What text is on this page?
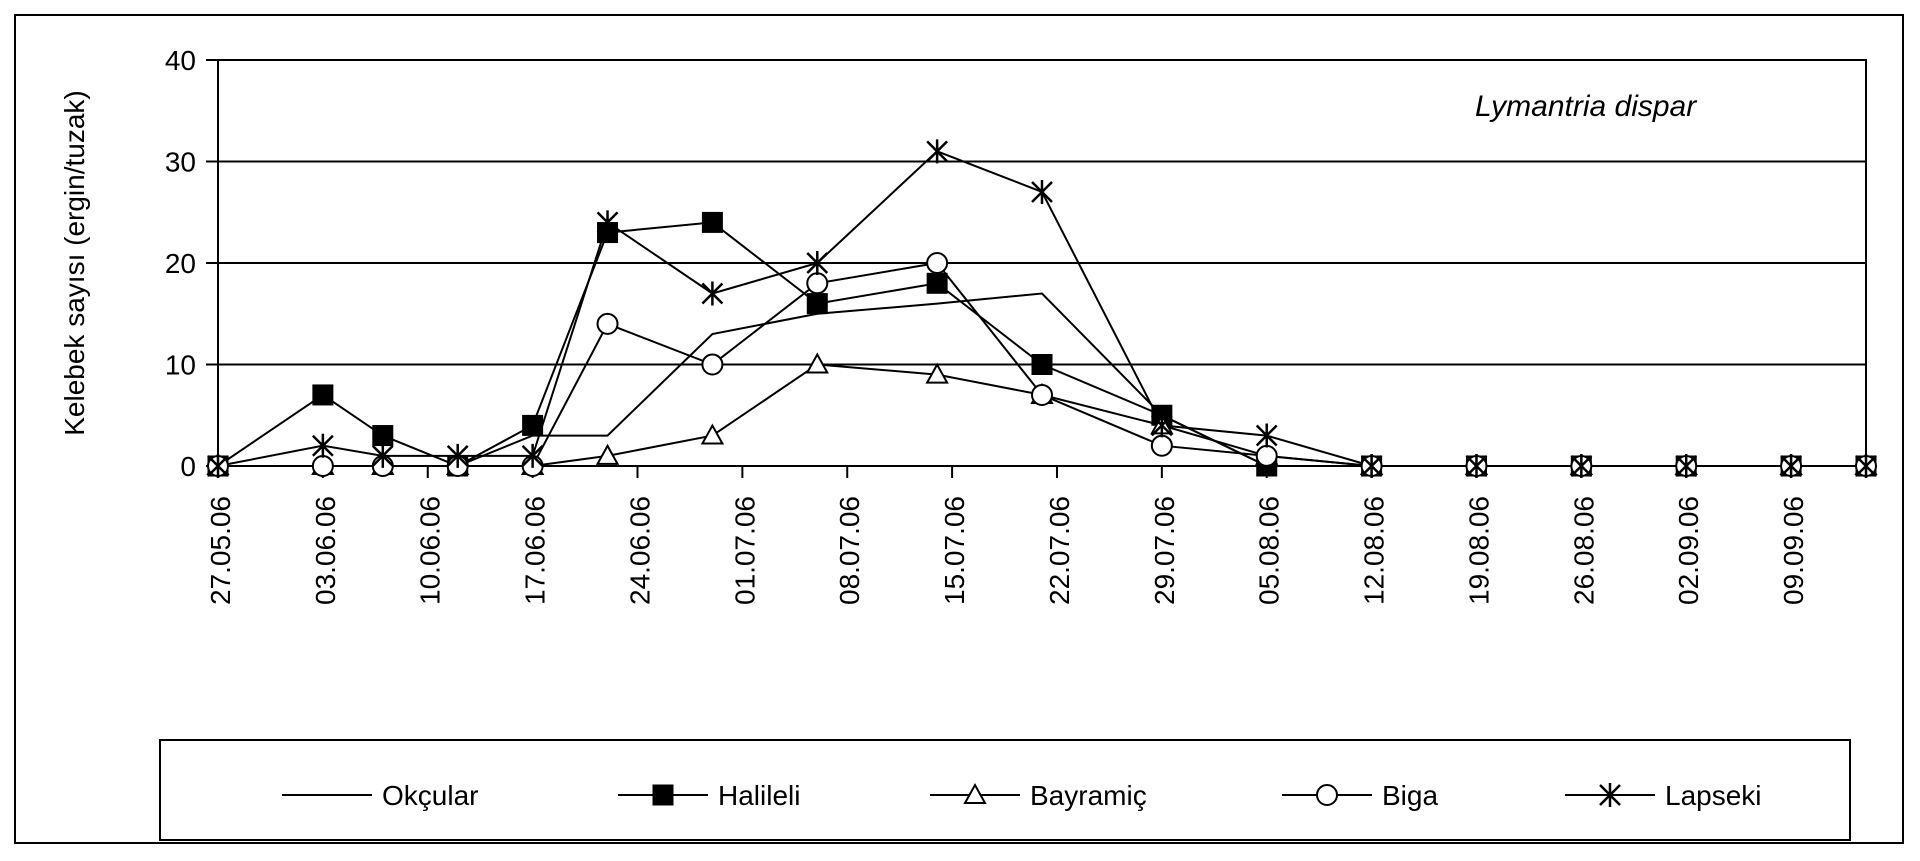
0
10
20
30
40
27.05.06	03.06.06	10.06.06	17.06.06	24.06.06	01.07.06	08.07.06	15.07.06	22.07.06	29.07.06	05.08.06	12.08.06	19.08.06	26.08.06	02.09.06	09.09.06
Kelebek sayısı (ergin/tuzak)	Lymantria dispar
Okçular	Halileli	Bayramiç	Biga	Lapseki
